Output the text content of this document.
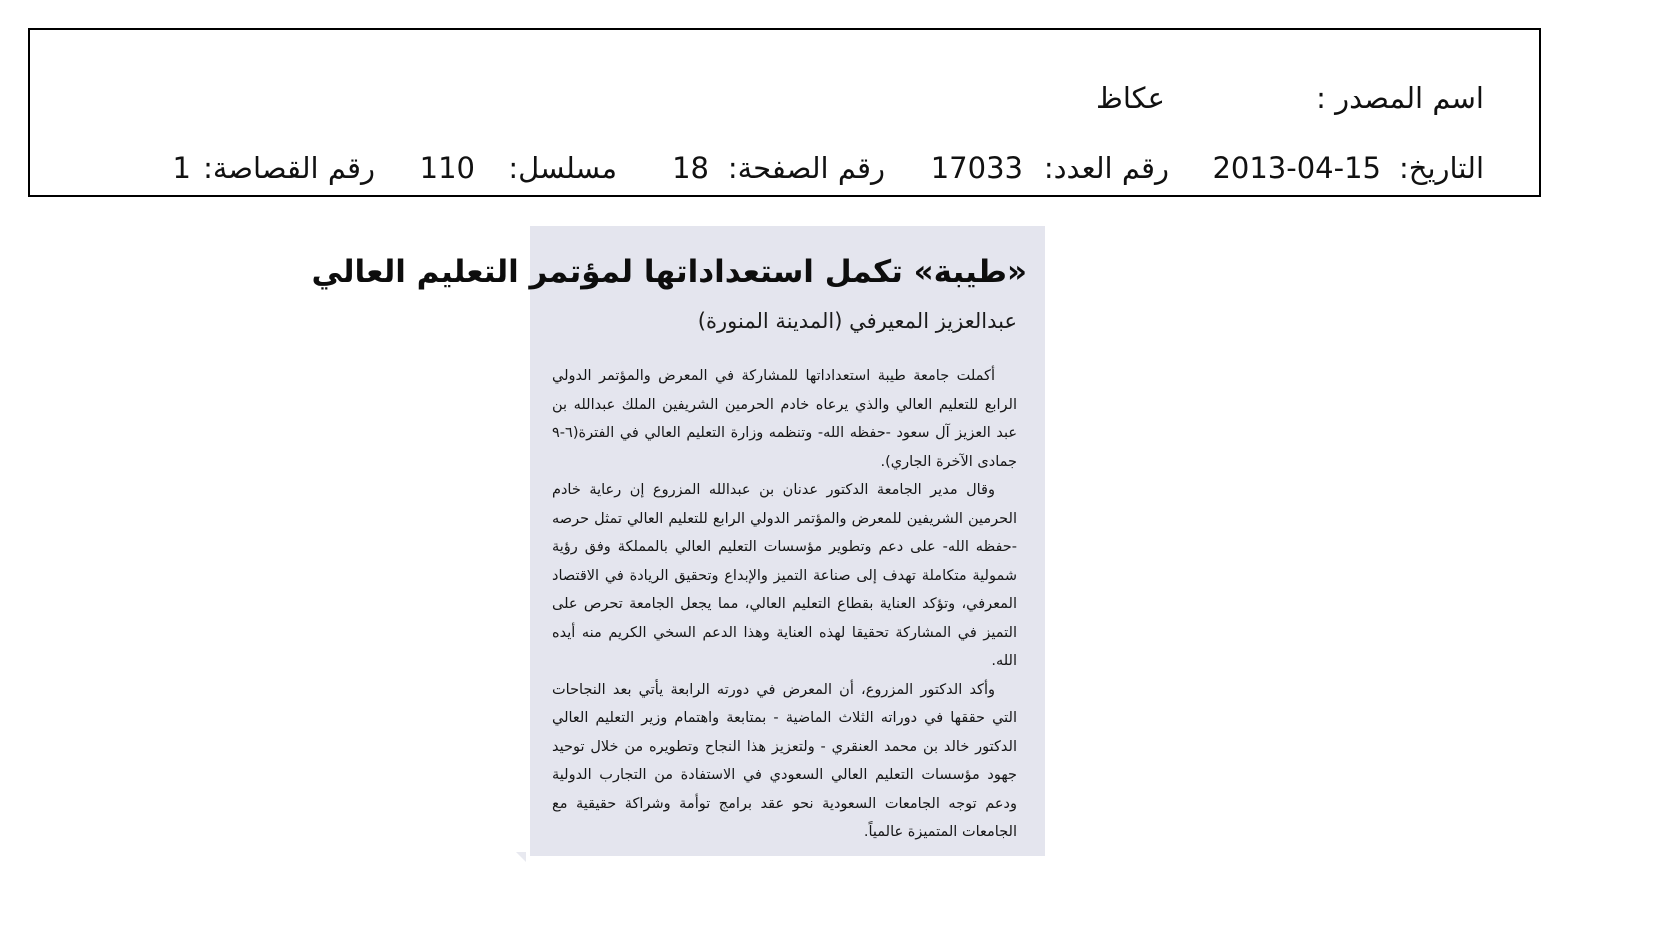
اسم المصدر :
عكاظ
التاريخ:
2013-04-15
رقم العدد:
17033
رقم الصفحة:
18
مسلسل:
110
رقم القصاصة:
1
«طيبة» تكمل استعداداتها لمؤتمر التعليم العالي
عبدالعزيز المعيرفي (المدينة المنورة)

أكملت جامعة طيبة استعداداتها للمشاركة في المعرض والمؤتمر الدولي الرابع للتعليم العالي والذي يرعاه خادم الحرمين الشريفين الملك عبدالله بن عبد العزيز آل سعود -حفظه الله- وتنظمه وزارة التعليم العالي في الفترة(٦-٩ جمادى الآخرة الجاري).

وقال مدير الجامعة الدكتور عدنان بن عبدالله المزروع إن رعاية خادم الحرمين الشريفين للمعرض والمؤتمر الدولي الرابع للتعليم العالي تمثل حرصه -حفظه الله- على دعم وتطوير مؤسسات التعليم العالي بالمملكة وفق رؤية شمولية متكاملة تهدف إلى صناعة التميز والإبداع وتحقيق الريادة في الاقتصاد المعرفي، وتؤكد العناية بقطاع التعليم العالي، مما يجعل الجامعة تحرص على التميز في المشاركة تحقيقا لهذه العناية وهذا الدعم السخي الكريم منه أيده الله.

وأكد الدكتور المزروع، أن المعرض في دورته الرابعة يأتي بعد النجاحات التي حققها في دوراته الثلاث الماضية - بمتابعة واهتمام وزير التعليم العالي الدكتور خالد بن محمد العنقري - ولتعزيز هذا النجاح وتطويره من خلال توحيد جهود مؤسسات التعليم العالي السعودي في الاستفادة من التجارب الدولية ودعم توجه الجامعات السعودية نحو عقد برامج توأمة وشراكة حقيقية مع الجامعات المتميزة عالمياً.
